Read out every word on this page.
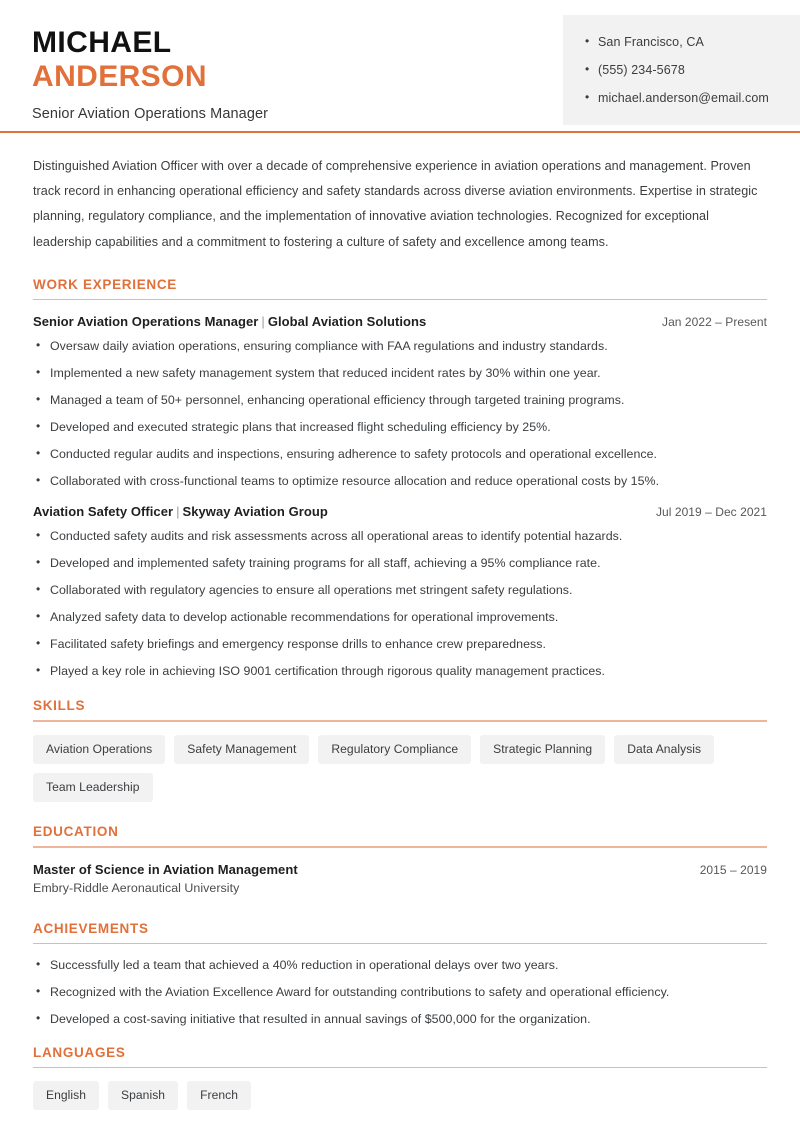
MICHAEL
ANDERSON
Senior Aviation Operations Manager
• San Francisco, CA
• (555) 234-5678
• michael.anderson@email.com

Distinguished Aviation Officer with over a decade of comprehensive experience in aviation operations and management. Proven track record in enhancing operational efficiency and safety standards across diverse aviation environments. Expertise in strategic planning, regulatory compliance, and the implementation of innovative aviation technologies. Recognized for exceptional leadership capabilities and a commitment to fostering a culture of safety and excellence among teams.

WORK EXPERIENCE
Senior Aviation Operations Manager | Global Aviation Solutions	Jan 2022 – Present
• Oversaw daily aviation operations, ensuring compliance with FAA regulations and industry standards.
• Implemented a new safety management system that reduced incident rates by 30% within one year.
• Managed a team of 50+ personnel, enhancing operational efficiency through targeted training programs.
• Developed and executed strategic plans that increased flight scheduling efficiency by 25%.
• Conducted regular audits and inspections, ensuring adherence to safety protocols and operational excellence.
• Collaborated with cross-functional teams to optimize resource allocation and reduce operational costs by 15%.
Aviation Safety Officer | Skyway Aviation Group	Jul 2019 – Dec 2021
• Conducted safety audits and risk assessments across all operational areas to identify potential hazards.
• Developed and implemented safety training programs for all staff, achieving a 95% compliance rate.
• Collaborated with regulatory agencies to ensure all operations met stringent safety regulations.
• Analyzed safety data to develop actionable recommendations for operational improvements.
• Facilitated safety briefings and emergency response drills to enhance crew preparedness.
• Played a key role in achieving ISO 9001 certification through rigorous quality management practices.
SKILLS
Aviation Operations	Safety Management	Regulatory Compliance	Strategic Planning	Data Analysis
Team Leadership
EDUCATION
Master of Science in Aviation Management	2015 – 2019
Embry-Riddle Aeronautical University
ACHIEVEMENTS
• Successfully led a team that achieved a 40% reduction in operational delays over two years.
• Recognized with the Aviation Excellence Award for outstanding contributions to safety and operational efficiency.
• Developed a cost-saving initiative that resulted in annual savings of $500,000 for the organization.
LANGUAGES
English	Spanish	French
